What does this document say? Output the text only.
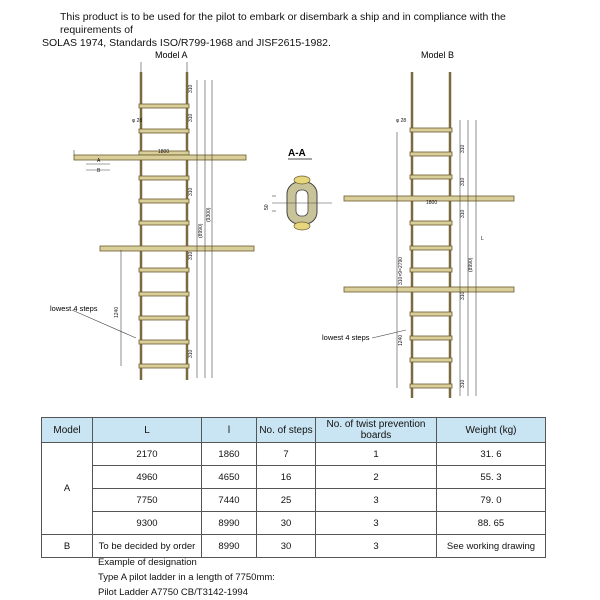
This product is to be used for the pilot to embark or disembark a ship and in compliance with the requirements of
SOLAS 1974, Standards ISO/R799-1968 and JISF2615-1982.
310
310
310
310
310
(8990)
(9300)
φ 28
1800
A
B
1240
Model A
lowest 4 steps
A-A
50
310
310
310
310
310
(8990)
L
310×9=2790
1240
φ 28
1800
Model B
lowest 4 steps
Model	L	l	No. of steps	No. of twist prevention boards	Weight (kg)
A	2170	1860	7	1	31. 6
	4960	4650	16	2	55. 3
	7750	7440	25	3	79. 0
	9300	8990	30	3	88. 65
B	To be decided by order	8990	30	3	See working drawing
Example of designation
Type A pilot ladder in a length of 7750mm:
Pilot Ladder A7750 CB/T3142-1994
